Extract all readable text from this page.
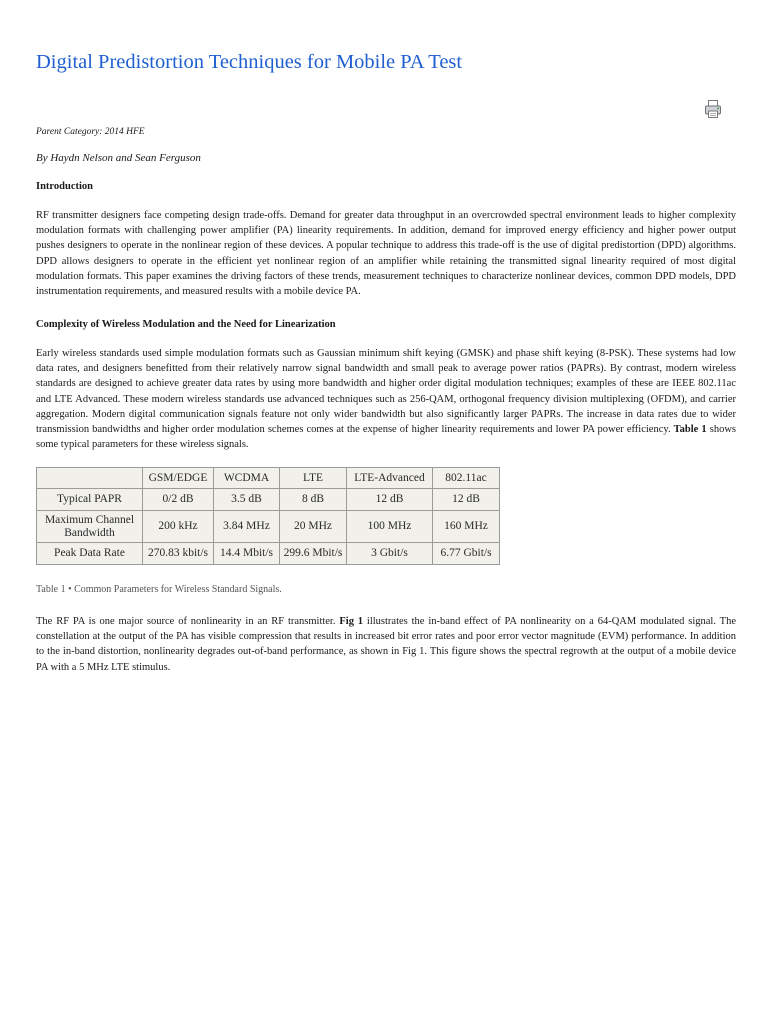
Digital Predistortion Techniques for Mobile PA Test
Parent Category: 2014 HFE
By Haydn Nelson and Sean Ferguson
Introduction
RF transmitter designers face competing design trade-offs. Demand for greater data throughput in an overcrowded spectral environment leads to higher complexity modulation formats with challenging power amplifier (PA) linearity requirements. In addition, demand for improved energy efficiency and higher power output pushes designers to operate in the nonlinear region of these devices. A popular technique to address this trade-off is the use of digital predistortion (DPD) algorithms. DPD allows designers to operate in the efficient yet nonlinear region of an amplifier while retaining the transmitted signal linearity required of most digital modulation formats. This paper examines the driving factors of these trends, measurement techniques to characterize nonlinear devices, common DPD models, DPD instrumentation requirements, and measured results with a mobile device PA.
Complexity of Wireless Modulation and the Need for Linearization
Early wireless standards used simple modulation formats such as Gaussian minimum shift keying (GMSK) and phase shift keying (8-PSK). These systems had low data rates, and designers benefitted from their relatively narrow signal bandwidth and small peak to average power ratios (PAPRs). By contrast, modern wireless standards are designed to achieve greater data rates by using more bandwidth and higher order digital modulation techniques; examples of these are IEEE 802.11ac and LTE Advanced. These modern wireless standards use advanced techniques such as 256-QAM, orthogonal frequency division multiplexing (OFDM), and carrier aggregation. Modern digital communication signals feature not only wider bandwidth but also significantly larger PAPRs. The increase in data rates due to wider transmission bandwidths and higher order modulation schemes comes at the expense of higher linearity requirements and lower PA power efficiency. Table 1 shows some typical parameters for these wireless signals.
	GSM/EDGE	WCDMA	LTE	LTE-Advanced	802.11ac
Typical PAPR	0/2 dB	3.5 dB	8 dB	12 dB	12 dB
Maximum Channel Bandwidth	200 kHz	3.84 MHz	20 MHz	100 MHz	160 MHz
Peak Data Rate	270.83 kbit/s	14.4 Mbit/s	299.6 Mbit/s	3 Gbit/s	6.77 Gbit/s
Table 1 • Common Parameters for Wireless Standard Signals.
The RF PA is one major source of nonlinearity in an RF transmitter. Fig 1 illustrates the in-band effect of PA nonlinearity on a 64-QAM modulated signal. The constellation at the output of the PA has visible compression that results in increased bit error rates and poor error vector magnitude (EVM) performance. In addition to the in-band distortion, nonlinearity degrades out-of-band performance, as shown in Fig 1. This figure shows the spectral regrowth at the output of a mobile device PA with a 5 MHz LTE stimulus.
